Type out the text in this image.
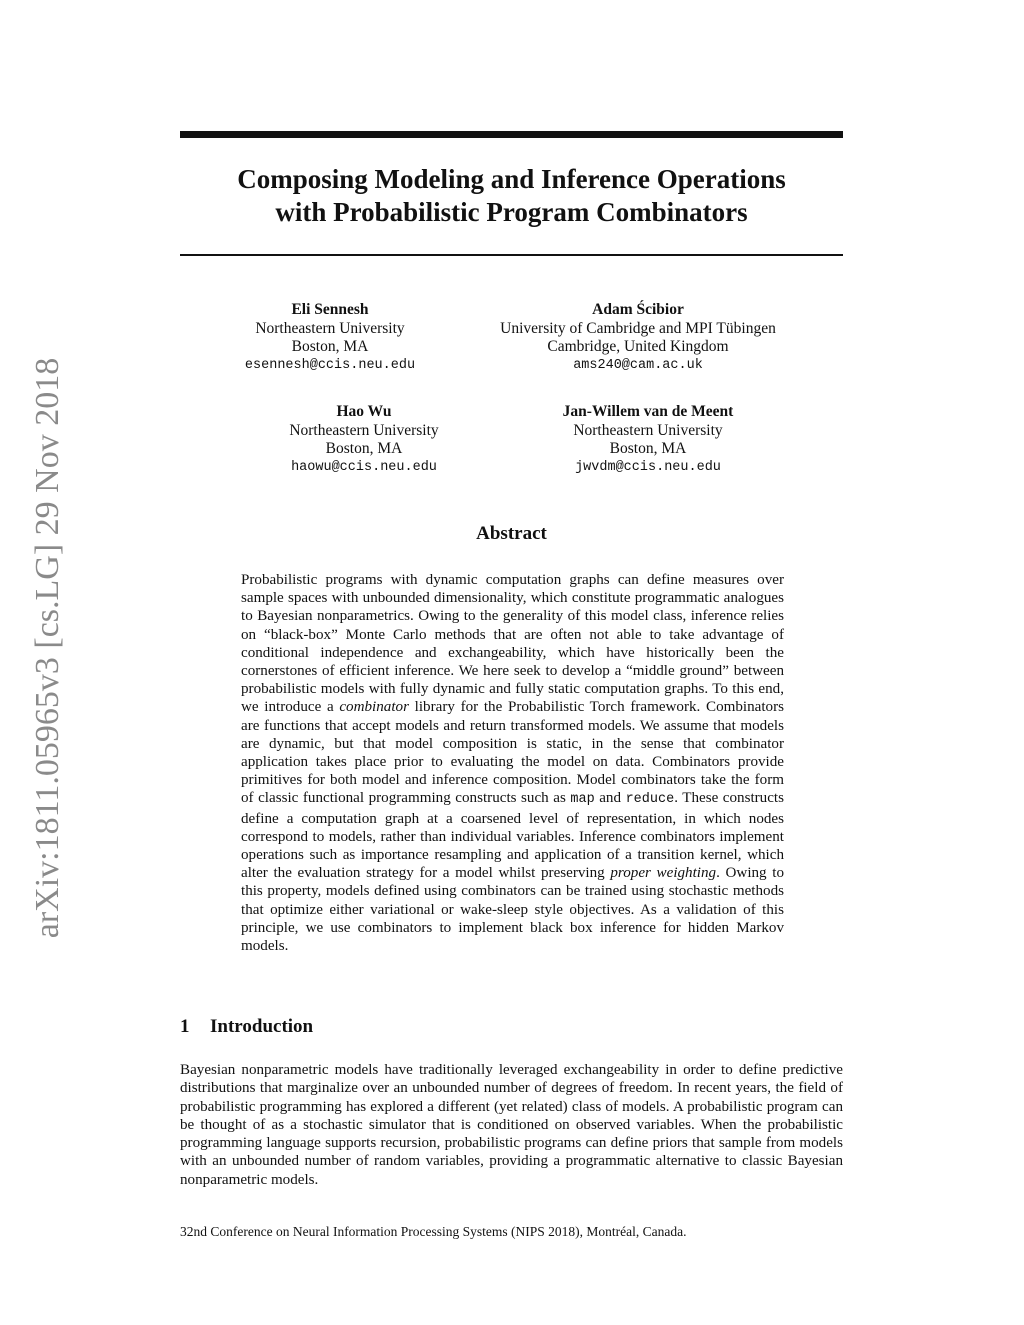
arXiv:1811.05965v3 [cs.LG] 29 Nov 2018
Composing Modeling and Inference Operations
with Probabilistic Program Combinators
Eli Sennesh
Northeastern University
Boston, MA
esennesh@ccis.neu.edu
Adam Ścibior
University of Cambridge and MPI Tübingen
Cambridge, United Kingdom
ams240@cam.ac.uk
Hao Wu
Northeastern University
Boston, MA
haowu@ccis.neu.edu
Jan-Willem van de Meent
Northeastern University
Boston, MA
jwvdm@ccis.neu.edu
Abstract
Probabilistic programs with dynamic computation graphs can define measures over sample spaces with unbounded dimensionality, which constitute programmatic analogues to Bayesian nonparametrics. Owing to the generality of this model class, inference relies on “black-box” Monte Carlo methods that are often not able to take advantage of conditional independence and exchangeability, which have historically been the cornerstones of efficient inference. We here seek to develop a “middle ground” between probabilistic models with fully dynamic and fully static computation graphs. To this end, we introduce a combinator library for the Probabilistic Torch framework. Combinators are functions that accept models and return transformed models. We assume that models are dynamic, but that model composition is static, in the sense that combinator application takes place prior to evaluating the model on data. Combinators provide primitives for both model and inference composition. Model combinators take the form of classic functional programming constructs such as map and reduce. These constructs define a computation graph at a coarsened level of representation, in which nodes correspond to models, rather than individual variables. Inference combinators implement operations such as importance resampling and application of a transition kernel, which alter the evaluation strategy for a model whilst preserving proper weighting. Owing to this property, models defined using combinators can be trained using stochastic methods that optimize either variational or wake-sleep style objectives. As a validation of this principle, we use combinators to implement black box inference for hidden Markov models.
1 Introduction
Bayesian nonparametric models have traditionally leveraged exchangeability in order to define predictive distributions that marginalize over an unbounded number of degrees of freedom. In recent years, the field of probabilistic programming has explored a different (yet related) class of models. A probabilistic program can be thought of as a stochastic simulator that is conditioned on observed variables. When the probabilistic programming language supports recursion, probabilistic programs can define priors that sample from models with an unbounded number of random variables, providing a programmatic alternative to classic Bayesian nonparametric models.
32nd Conference on Neural Information Processing Systems (NIPS 2018), Montréal, Canada.
